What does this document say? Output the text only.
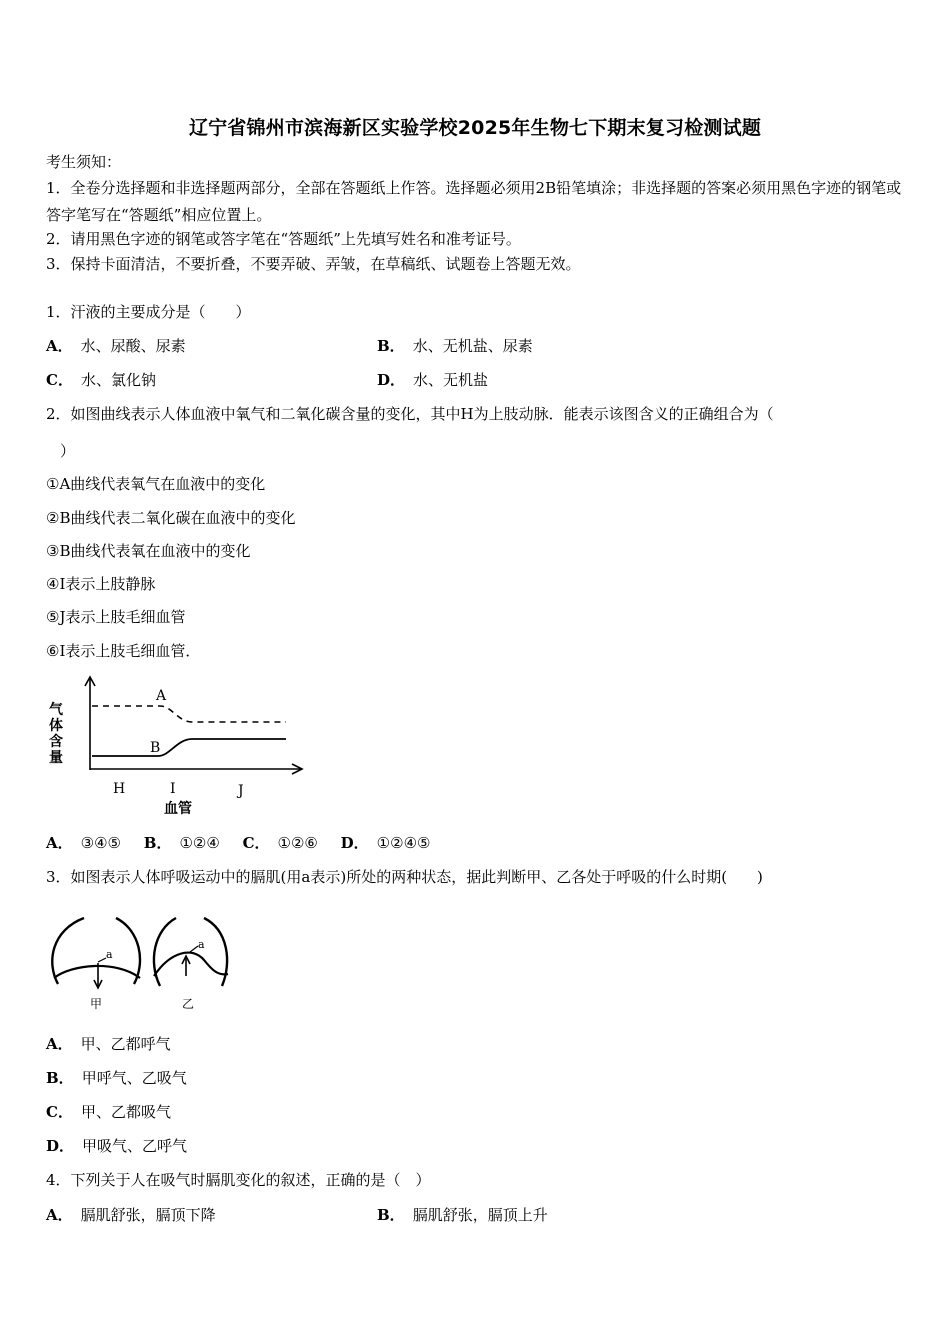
辽宁省锦州市滨海新区实验学校2025年生物七下期末复习检测试题
考生须知：
1．全卷分选择题和非选择题两部分，全部在答题纸上作答。选择题必须用2B铅笔填涂；非选择题的答案必须用黑色字迹的钢笔或答字笔写在“答题纸”相应位置上。
2．请用黑色字迹的钢笔或答字笔在“答题纸”上先填写姓名和准考证号。
3．保持卡面清洁，不要折叠，不要弄破、弄皱，在草稿纸、试题卷上答题无效。
1．汗液的主要成分是（　　）
A． 水、尿酸、尿素	B． 水、无机盐、尿素
C． 水、氯化钠	D． 水、无机盐
2．如图曲线表示人体血液中氧气和二氧化碳含量的变化，其中H为上肢动脉．能表示该图含义的正确组合为（
）
①A曲线代表氧气在血液中的变化
②B曲线代表二氧化碳在血液中的变化
③B曲线代表氧在血液中的变化
④I表示上肢静脉
⑤J表示上肢毛细血管
⑥I表示上肢毛细血管．
气
体
含
量
A
B
H	I	J
血管
A． ③④⑤ B． ①②④ C． ①②⑥ D． ①②④⑤
3．如图表示人体呼吸运动中的膈肌(用a表示)所处的两种状态，据此判断甲、乙各处于呼吸的什么时期(　　)
a
甲
a
乙
A． 甲、乙都呼气
B． 甲呼气、乙吸气
C． 甲、乙都吸气
D． 甲吸气、乙呼气
4．下列关于人在吸气时膈肌变化的叙述，正确的是（　）
A． 膈肌舒张，膈顶下降	B． 膈肌舒张，膈顶上升
